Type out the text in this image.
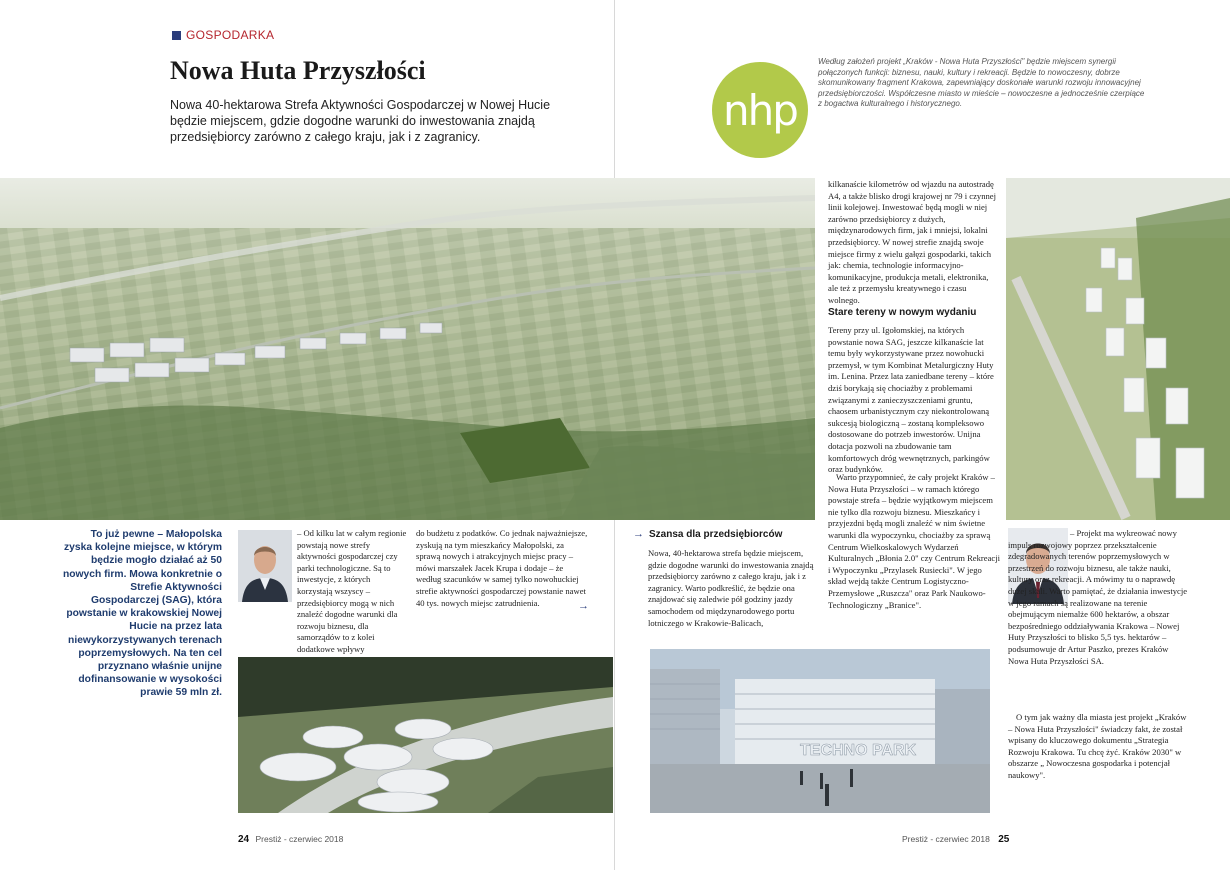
GOSPODARKA
Nowa Huta Przyszłości
Nowa 40-hektarowa Strefa Aktywności Gospodarczej w Nowej Hucie będzie miejscem, gdzie dogodne warunki do inwestowania znajdą przedsiębiorcy zarówno z całego kraju, jak i z zagranicy.
nhp
Według założeń projekt „Kraków - Nowa Huta Przyszłości" będzie miejscem synergii połączonych funkcji: biznesu, nauki, kultury i rekreacji. Będzie to nowoczesny, dobrze skomunikowany fragment Krakowa, zapewniający doskonałe warunki rozwoju innowacyjnej przedsiębiorczości. Współczesne miasto w mieście – nowoczesne a jednocześnie czerpiące z bogactwa kulturalnego i historycznego.
kilkanaście kilometrów od wjazdu na autostradę A4, a także blisko drogi krajowej nr 79 i czynnej linii kolejowej. Inwestować będą mogli w niej zarówno przedsiębiorcy z dużych, międzynarodowych firm, jak i mniejsi, lokalni przedsiębiorcy. W nowej strefie znajdą swoje miejsce firmy z wielu gałęzi gospodarki, takich jak: chemia, technologie informacyjno-komunikacyjne, produkcja metali, elektronika, ale też z przemysłu kreatywnego i czasu wolnego.
Stare tereny w nowym wydaniu
Tereny przy ul. Igołomskiej, na których powstanie nowa SAG, jeszcze kilkanaście lat temu były wykorzystywane przez nowohucki przemysł, w tym Kombinat Metalurgiczny Huty im. Lenina. Przez lata zaniedbane tereny – które dziś borykają się chociażby z problemami związanymi z zanieczyszczeniami gruntu, chaosem urbanistycznym czy niekontrolowaną sukcesją biologiczną – zostaną kompleksowo dostosowane do potrzeb inwestorów. Unijna dotacja pozwoli na zbudowanie tam komfortowych dróg wewnętrznych, parkingów oraz budynków.
Warto przypomnieć, że cały projekt Kraków – Nowa Huta Przyszłości – w ramach którego powstaje strefa – będzie wyjątkowym miejscem nie tylko dla rozwoju biznesu. Mieszkańcy i przyjezdni będą mogli znaleźć w nim świetne warunki dla wypoczynku, chociażby za sprawą Centrum Wielkoskalowych Wydarzeń Kulturalnych „Błonia 2.0" czy Centrum Rekreacji i Wypoczynku „Przylasek Rusiecki". W jego skład wejdą także Centrum Logistyczno-Przemysłowe „Ruszcza" oraz Park Naukowo-Technologiczny „Branice".
To już pewne – Małopolska zyska kolejne miejsce, w którym będzie mogło działać aż 50 nowych firm. Mowa konkretnie o Strefie Aktywności Gospodarczej (SAG), która powstanie w krakowskiej Nowej Hucie na przez lata niewykorzystywanych terenach poprzemysłowych. Na ten cel przyznano właśnie unijne dofinansowanie w wysokości prawie 59 mln zł.
– Od kilku lat w całym regionie powstają nowe strefy aktywności gospodarczej czy parki technologiczne. Są to inwestycje, z których korzystają wszyscy – przedsiębiorcy mogą w nich znaleźć dogodne warunki dla rozwoju biznesu, dla samorządów to z kolei dodatkowe wpływy
do budżetu z podatków. Co jednak najważniejsze, zyskują na tym mieszkańcy Małopolski, za sprawą nowych i atrakcyjnych miejsc pracy – mówi marszałek Jacek Krupa i dodaje – że według szacunków w samej tylko nowohuckiej strefie aktywności gospodarczej powstanie nawet 40 tys. nowych miejsc zatrudnienia.	→
→ Szansa dla przedsiębiorców
Nowa, 40-hektarowa strefa będzie miejscem, gdzie dogodne warunki do inwestowania znajdą przedsiębiorcy zarówno z całego kraju, jak i z zagranicy. Warto podkreślić, że będzie ona znajdować się zaledwie pół godziny jazdy samochodem od międzynarodowego portu lotniczego w Krakowie-Balicach,
– Projekt ma wykreować nowy impuls rozwojowy poprzez przekształcenie zdegradowanych terenów poprzemysłowych w przestrzeń do rozwoju biznesu, ale także nauki, kultury oraz rekreacji. A mówimy tu o naprawdę dużej skali. Warto pamiętać, że działania inwestycje w jego ramach są realizowane na terenie obejmującym niemalże 600 hektarów, a obszar bezpośredniego oddziaływania Krakowa – Nowej Huty Przyszłości to blisko 5,5 tys. hektarów – podsumowuje dr Artur Paszko, prezes Kraków Nowa Huta Przyszłości SA.
O tym jak ważny dla miasta jest projekt „Kraków – Nowa Huta Przyszłości" świadczy fakt, że został wpisany do kluczowego dokumentu „Strategia Rozwoju Krakowa. Tu chcę żyć. Kraków 2030" w obszarze „ Nowoczesna gospodarka i potencjał naukowy".
TECHNO PARK
24 Prestiż - czerwiec 2018	Prestiż - czerwiec 2018 25
